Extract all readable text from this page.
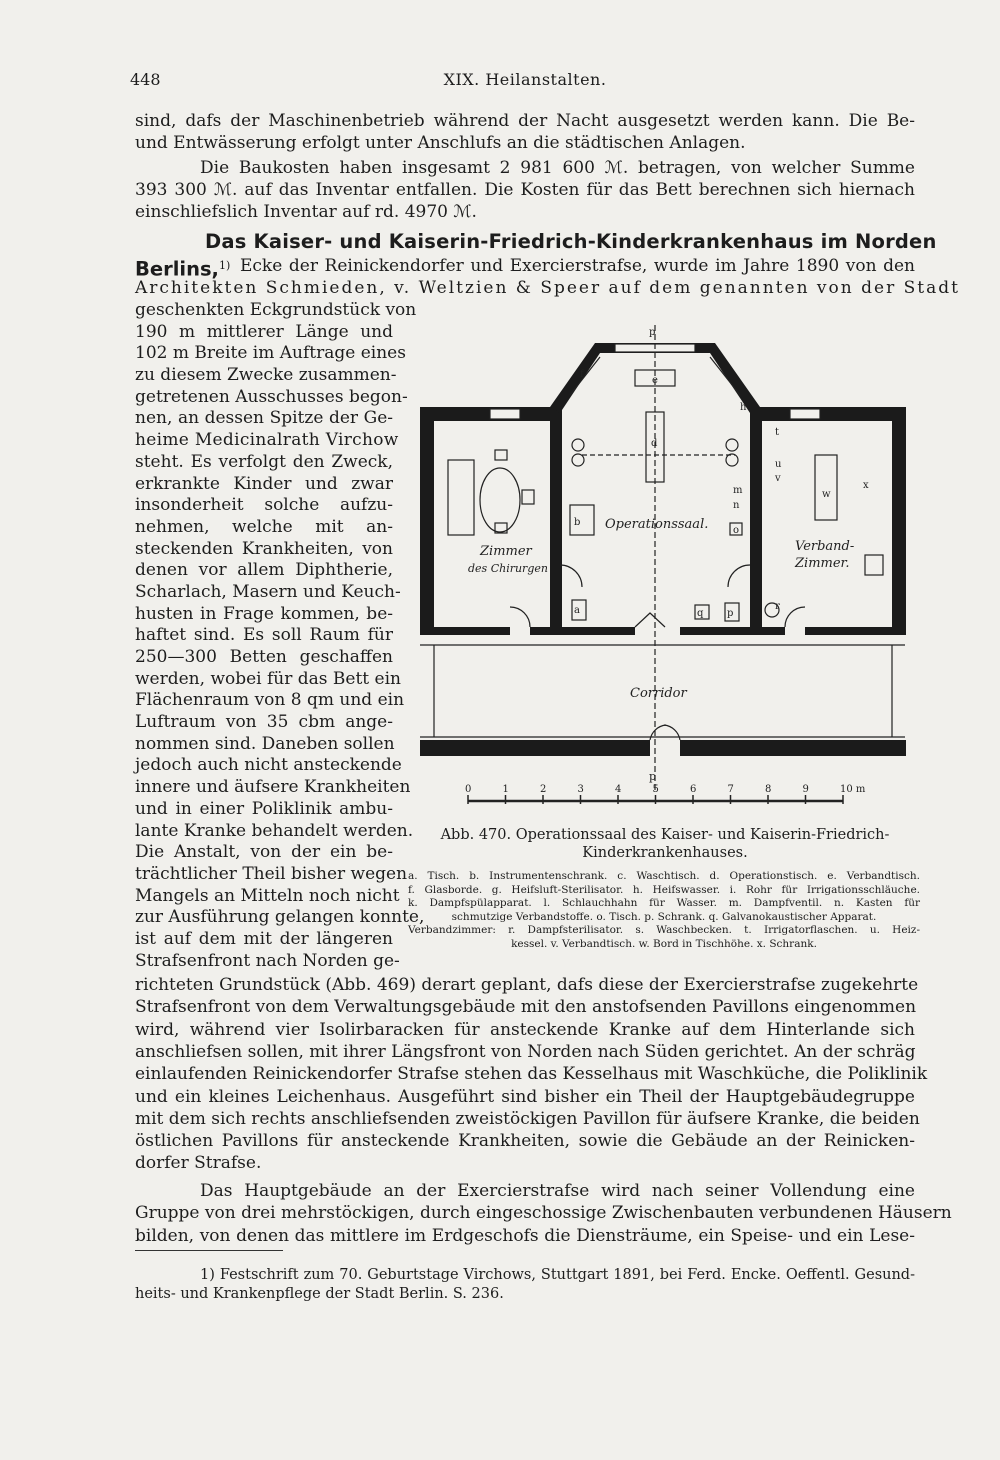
448	XIX. Heilanstalten.
sind, dafs der Maschinenbetrieb während der Nacht ausgesetzt werden kann. Die Be-
und Entwässerung erfolgt unter Anschlufs an die städtischen Anlagen.
Die Baukosten haben insgesamt 2 981 600 ℳ. betragen, von welcher Summe
393 300 ℳ. auf das Inventar entfallen. Die Kosten für das Bett berechnen sich hiernach
einschliefslich Inventar auf rd. 4970 ℳ.
Das Kaiser- und Kaiserin-Friedrich-Kinderkrankenhaus im Norden
Berlins,$^{1)}$ Ecke der Reinickendorfer und Exercierstrafse, wurde im Jahre 1890 von den
Architekten Schmieden, v. Weltzien & Speer auf dem genannten von der Stadt
geschenkten Eckgrundstück von
190 m mittlerer Länge und
102 m Breite im Auftrage eines
zu diesem Zwecke zusammen-
getretenen Ausschusses begon-
nen, an dessen Spitze der Ge-
heime Medicinalrath Virchow
steht. Es verfolgt den Zweck,
erkrankte Kinder und zwar
insonderheit solche aufzu-
nehmen, welche mit an-
steckenden Krankheiten, von
denen vor allem Diphtherie,
Scharlach, Masern und Keuch-
husten in Frage kommen, be-
haftet sind. Es soll Raum für
250—300 Betten geschaffen
werden, wobei für das Bett ein
Flächenraum von 8 qm und ein
Luftraum von 35 cbm ange-
nommen sind. Daneben sollen
jedoch auch nicht ansteckende
innere und äufsere Krankheiten
und in einer Poliklinik ambu-
lante Kranke behandelt werden.
Die Anstalt, von der ein be-
trächtlicher Theil bisher wegen
Mangels an Mitteln noch nicht
zur Ausführung gelangen konnte,
ist auf dem mit der längeren
Strafsenfront nach Norden ge-
p
e
d
b
q p
a
f
h
m
n
o
t
u
v
w
x
r
Operationssaal.
Zimmer
des Chirurgen
Verband-
Zimmer.
Corridor
p
0	1	2	3	4	5	6	7	8	9	10 m
Abb. 470. Operationssaal des Kaiser- und Kaiserin-Friedrich-
Kinderkrankenhauses.
a. Tisch. b. Instrumentenschrank. c. Waschtisch. d. Operationstisch. e. Verbandtisch.
f. Glasborde. g. Heifsluft-Sterilisator. h. Heifswasser. i. Rohr für Irrigationsschläuche.
k. Dampfspülapparat. l. Schlauchhahn für Wasser. m. Dampfventil. n. Kasten für
schmutzige Verbandstoffe. o. Tisch. p. Schrank. q. Galvanokaustischer Apparat.
Verbandzimmer: r. Dampfsterilisator. s. Waschbecken. t. Irrigatorflaschen. u. Heiz-
kessel. v. Verbandtisch. w. Bord in Tischhöhe. x. Schrank.
richteten Grundstück (Abb. 469) derart geplant, dafs diese der Exercierstrafse zugekehrte
Strafsenfront von dem Verwaltungsgebäude mit den anstofsenden Pavillons eingenommen
wird, während vier Isolirbaracken für ansteckende Kranke auf dem Hinterlande sich
anschliefsen sollen, mit ihrer Längsfront von Norden nach Süden gerichtet. An der schräg
einlaufenden Reinickendorfer Strafse stehen das Kesselhaus mit Waschküche, die Poliklinik
und ein kleines Leichenhaus. Ausgeführt sind bisher ein Theil der Hauptgebäudegruppe
mit dem sich rechts anschliefsenden zweistöckigen Pavillon für äufsere Kranke, die beiden
östlichen Pavillons für ansteckende Krankheiten, sowie die Gebäude an der Reinicken-
dorfer Strafse.
Das Hauptgebäude an der Exercierstrafse wird nach seiner Vollendung eine
Gruppe von drei mehrstöckigen, durch eingeschossige Zwischenbauten verbundenen Häusern
bilden, von denen das mittlere im Erdgeschofs die Diensträume, ein Speise- und ein Lese-
1) Festschrift zum 70. Geburtstage Virchows, Stuttgart 1891, bei Ferd. Encke. Oeffentl. Gesund-
heits- und Krankenpflege der Stadt Berlin. S. 236.
